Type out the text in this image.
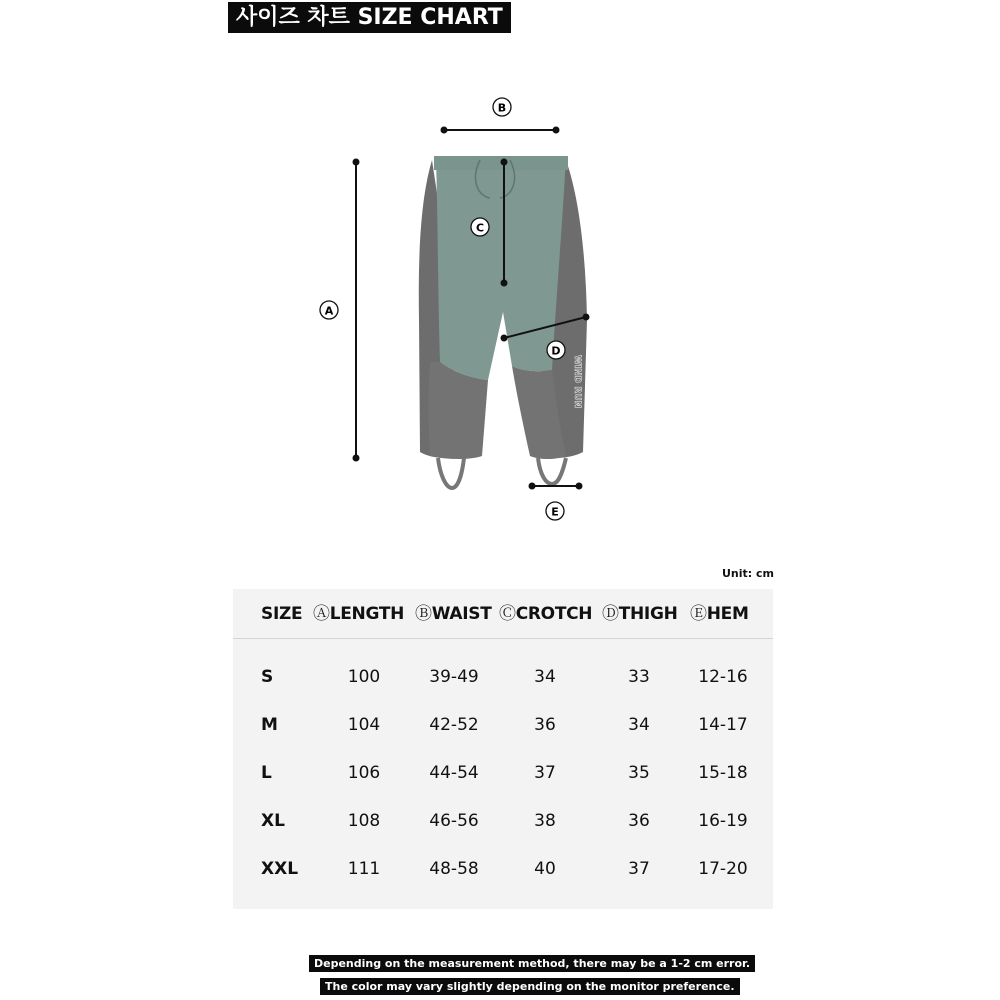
사이즈 차트 SIZE CHART
WIND RUN
A
B
C
D
E
Unit: cm
SIZE ⒶLENGTH ⒷWAIST ⒸCROTCH ⒹTHIGH ⒺHEM
S	100	39-49	34	33	12-16
M	104	42-52	36	34	14-17
L	106	44-54	37	35	15-18
XL	108	46-56	38	36	16-19
XXL	111	48-58	40	37	17-20
Depending on the measurement method, there may be a 1-2 cm error.
The color may vary slightly depending on the monitor preference.
